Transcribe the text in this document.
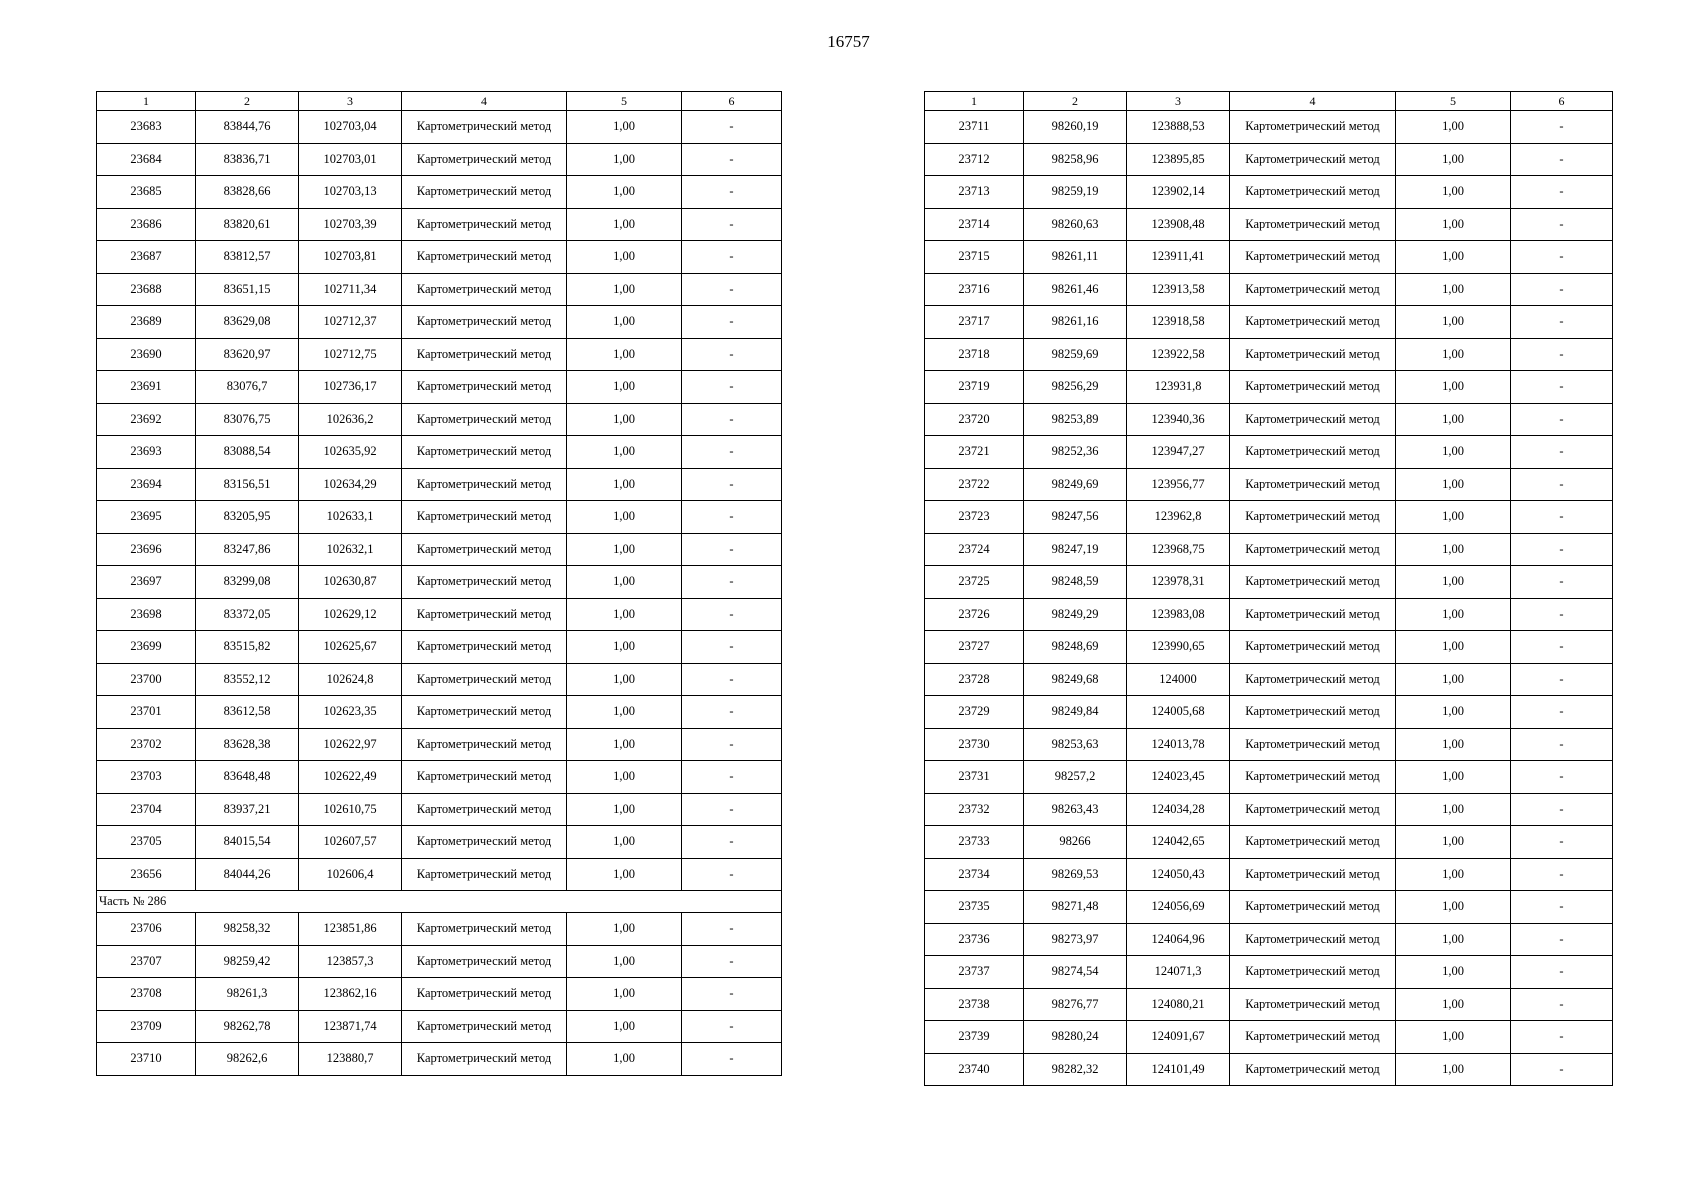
16757
1	2	3	4	5	6
23683	83844,76	102703,04	Картометрический метод	1,00	-
23684	83836,71	102703,01	Картометрический метод	1,00	-
23685	83828,66	102703,13	Картометрический метод	1,00	-
23686	83820,61	102703,39	Картометрический метод	1,00	-
23687	83812,57	102703,81	Картометрический метод	1,00	-
23688	83651,15	102711,34	Картометрический метод	1,00	-
23689	83629,08	102712,37	Картометрический метод	1,00	-
23690	83620,97	102712,75	Картометрический метод	1,00	-
23691	83076,7	102736,17	Картометрический метод	1,00	-
23692	83076,75	102636,2	Картометрический метод	1,00	-
23693	83088,54	102635,92	Картометрический метод	1,00	-
23694	83156,51	102634,29	Картометрический метод	1,00	-
23695	83205,95	102633,1	Картометрический метод	1,00	-
23696	83247,86	102632,1	Картометрический метод	1,00	-
23697	83299,08	102630,87	Картометрический метод	1,00	-
23698	83372,05	102629,12	Картометрический метод	1,00	-
23699	83515,82	102625,67	Картометрический метод	1,00	-
23700	83552,12	102624,8	Картометрический метод	1,00	-
23701	83612,58	102623,35	Картометрический метод	1,00	-
23702	83628,38	102622,97	Картометрический метод	1,00	-
23703	83648,48	102622,49	Картометрический метод	1,00	-
23704	83937,21	102610,75	Картометрический метод	1,00	-
23705	84015,54	102607,57	Картометрический метод	1,00	-
23656	84044,26	102606,4	Картометрический метод	1,00	-
Часть № 286					
23706	98258,32	123851,86	Картометрический метод	1,00	-
23707	98259,42	123857,3	Картометрический метод	1,00	-
23708	98261,3	123862,16	Картометрический метод	1,00	-
23709	98262,78	123871,74	Картометрический метод	1,00	-
23710	98262,6	123880,7	Картометрический метод	1,00	-
1	2	3	4	5	6
23711	98260,19	123888,53	Картометрический метод	1,00	-
23712	98258,96	123895,85	Картометрический метод	1,00	-
23713	98259,19	123902,14	Картометрический метод	1,00	-
23714	98260,63	123908,48	Картометрический метод	1,00	-
23715	98261,11	123911,41	Картометрический метод	1,00	-
23716	98261,46	123913,58	Картометрический метод	1,00	-
23717	98261,16	123918,58	Картометрический метод	1,00	-
23718	98259,69	123922,58	Картометрический метод	1,00	-
23719	98256,29	123931,8	Картометрический метод	1,00	-
23720	98253,89	123940,36	Картометрический метод	1,00	-
23721	98252,36	123947,27	Картометрический метод	1,00	-
23722	98249,69	123956,77	Картометрический метод	1,00	-
23723	98247,56	123962,8	Картометрический метод	1,00	-
23724	98247,19	123968,75	Картометрический метод	1,00	-
23725	98248,59	123978,31	Картометрический метод	1,00	-
23726	98249,29	123983,08	Картометрический метод	1,00	-
23727	98248,69	123990,65	Картометрический метод	1,00	-
23728	98249,68	124000	Картометрический метод	1,00	-
23729	98249,84	124005,68	Картометрический метод	1,00	-
23730	98253,63	124013,78	Картометрический метод	1,00	-
23731	98257,2	124023,45	Картометрический метод	1,00	-
23732	98263,43	124034,28	Картометрический метод	1,00	-
23733	98266	124042,65	Картометрический метод	1,00	-
23734	98269,53	124050,43	Картометрический метод	1,00	-
23735	98271,48	124056,69	Картометрический метод	1,00	-
23736	98273,97	124064,96	Картометрический метод	1,00	-
23737	98274,54	124071,3	Картометрический метод	1,00	-
23738	98276,77	124080,21	Картометрический метод	1,00	-
23739	98280,24	124091,67	Картометрический метод	1,00	-
23740	98282,32	124101,49	Картометрический метод	1,00	-
